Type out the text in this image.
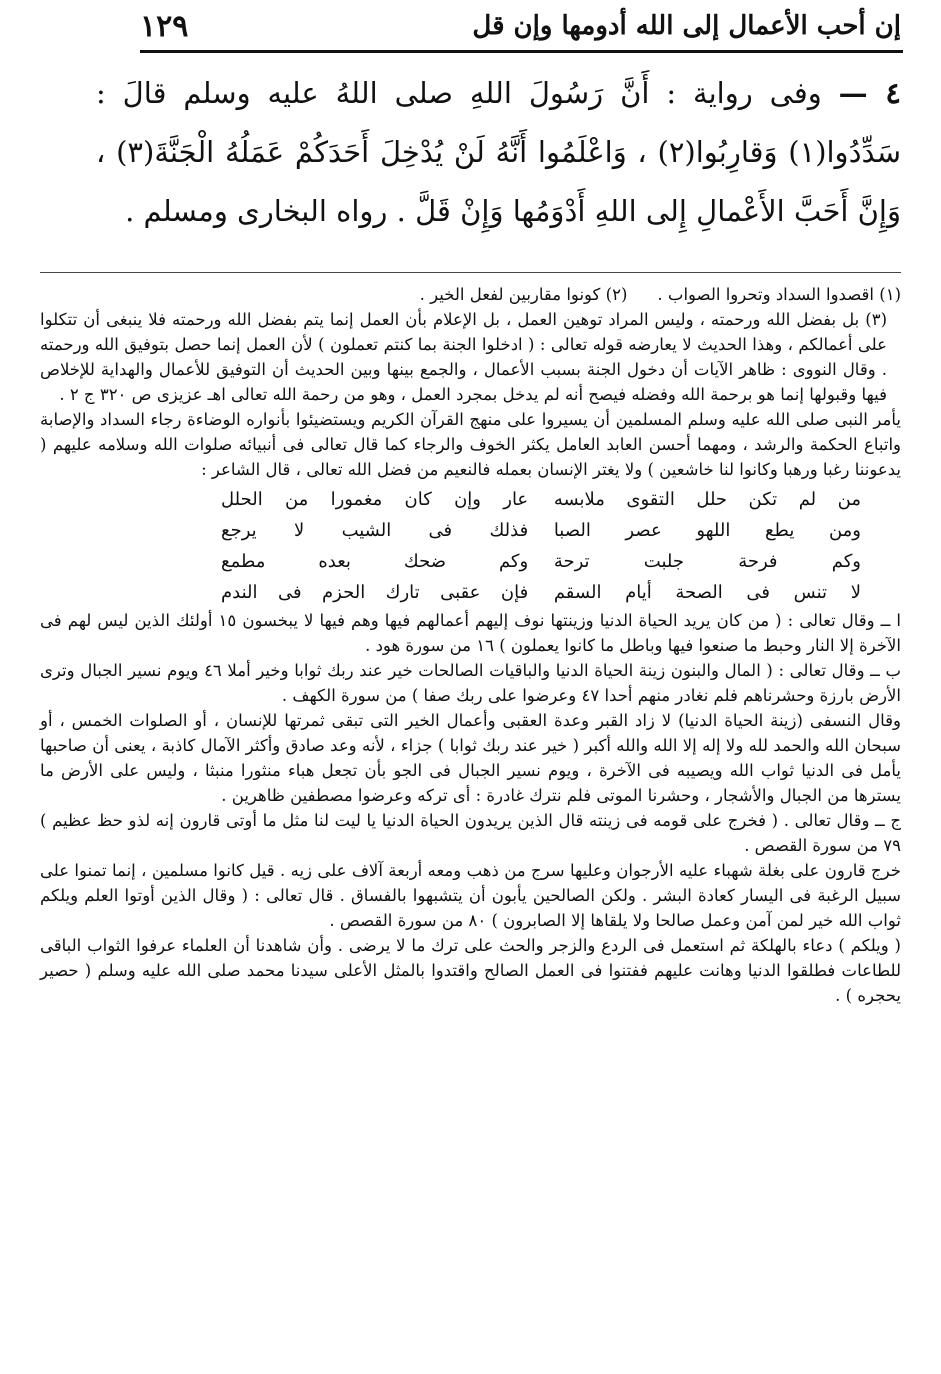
إن أحب الأعمال إلى الله أدومها وإن قل
١٢٩
٤ — وفى رواية : أَنَّ رَسُولَ اللهِ صلى اللهُ عليه وسلم قالَ : سَدِّدُوا(١) وَقارِبُوا(٢) ، وَاعْلَمُوا أَنَّهُ لَنْ يُدْخِلَ أَحَدَكُمْ عَمَلُهُ الْجَنَّةَ(٣) ، وَإِنَّ أَحَبَّ الأَعْمالِ إِلى اللهِ أَدْوَمُها وَإِنْ قَلَّ . رواه البخارى ومسلم .
(١) اقصدوا السداد وتحروا الصواب .
(٢) كونوا مقاربين لفعل الخير .

(٣) بل بفضل الله ورحمته ، وليس المراد توهين العمل ، بل الإعلام بأن العمل إنما يتم بفضل الله ورحمته فلا ينبغى أن تتكلوا على أعمالكم ، وهذا الحديث لا يعارضه قوله تعالى : ( ادخلوا الجنة بما كنتم تعملون ) لأن العمل إنما حصل بتوفيق الله ورحمته . وقال النووى : ظاهر الآيات أن دخول الجنة بسبب الأعمال ، والجمع بينها وبين الحديث أن التوفيق للأعمال والهداية للإخلاص فيها وقبولها إنما هو برحمة الله وفضله فيصح أنه لم يدخل بمجرد العمل ، وهو من رحمة الله تعالى اهـ عزيزى ص ٣٢٠ ج ٢ .

يأمر النبى صلى الله عليه وسلم المسلمين أن يسيروا على منهج القرآن الكريم ويستضيئوا بأنواره الوضاءة رجاء السداد والإصابة واتباع الحكمة والرشد ، ومهما أحسن العابد العامل يكثر الخوف والرجاء كما قال تعالى فى أنبيائه صلوات الله وسلامه عليهم ( يدعوننا رغبا ورهبا وكانوا لنا خاشعين ) ولا يغتر الإنسان بعمله فالنعيم من فضل الله تعالى ، قال الشاعر :

من لم تكن حلل التقوى ملابسه
عار وإن كان مغمورا من الحلل
ومن يطع اللهو عصر الصبا
فذلك فى الشيب لا يرجع
وكم فرحة جلبت ترحة
وكم ضحك بعده مطمع
لا تنس فى الصحة أيام السقم
فإن عقبى تارك الحزم فى الندم

ا ــ وقال تعالى : ( من كان يريد الحياة الدنيا وزينتها نوف إليهم أعمالهم فيها وهم فيها لا يبخسون ١٥ أولئك الذين ليس لهم فى الآخرة إلا النار وحبط ما صنعوا فيها وباطل ما كانوا يعملون ) ١٦ من سورة هود .

ب ــ وقال تعالى : ( المال والبنون زينة الحياة الدنيا والباقيات الصالحات خير عند ربك ثوابا وخير أملا ٤٦ ويوم نسير الجبال وترى الأرض بارزة وحشرناهم فلم نغادر منهم أحدا ٤٧ وعرضوا على ربك صفا ) من سورة الكهف .

وقال النسفى (زينة الحياة الدنيا) لا زاد القبر وعدة العقبى وأعمال الخير التى تبقى ثمرتها للإنسان ، أو الصلوات الخمس ، أو سبحان الله والحمد لله ولا إله إلا الله والله أكبر ( خير عند ربك ثوابا ) جزاء ، لأنه وعد صادق وأكثر الآمال كاذبة ، يعنى أن صاحبها يأمل فى الدنيا ثواب الله ويصيبه فى الآخرة ، ويوم نسير الجبال فى الجو بأن تجعل هباء منثورا منبثا ، وليس على الأرض ما يسترها من الجبال والأشجار ، وحشرنا الموتى فلم نترك غادرة : أى تركه وعرضوا مصطفين ظاهرين .

ج ــ وقال تعالى . ( فخرج على قومه فى زينته قال الذين يريدون الحياة الدنيا يا ليت لنا مثل ما أوتى قارون إنه لذو حظ عظيم ) ٧٩ من سورة القصص .

خرج قارون على بغلة شهباء عليه الأرجوان وعليها سرج من ذهب ومعه أربعة آلاف على زيه . قيل كانوا مسلمين ، إنما تمنوا على سبيل الرغبة فى اليسار كعادة البشر . ولكن الصالحين يأبون أن يتشبهوا بالفساق . قال تعالى : ( وقال الذين أوتوا العلم ويلكم ثواب الله خير لمن آمن وعمل صالحا ولا يلقاها إلا الصابرون ) ٨٠ من سورة القصص .

( ويلكم ) دعاء بالهلكة ثم استعمل فى الردع والزجر والحث على ترك ما لا يرضى . وأن شاهدنا أن العلماء عرفوا الثواب الباقى للطاعات فطلقوا الدنيا وهانت عليهم ففتنوا فى العمل الصالح واقتدوا بالمثل الأعلى سيدنا محمد صلى الله عليه وسلم ( حصير يحجره ) .
